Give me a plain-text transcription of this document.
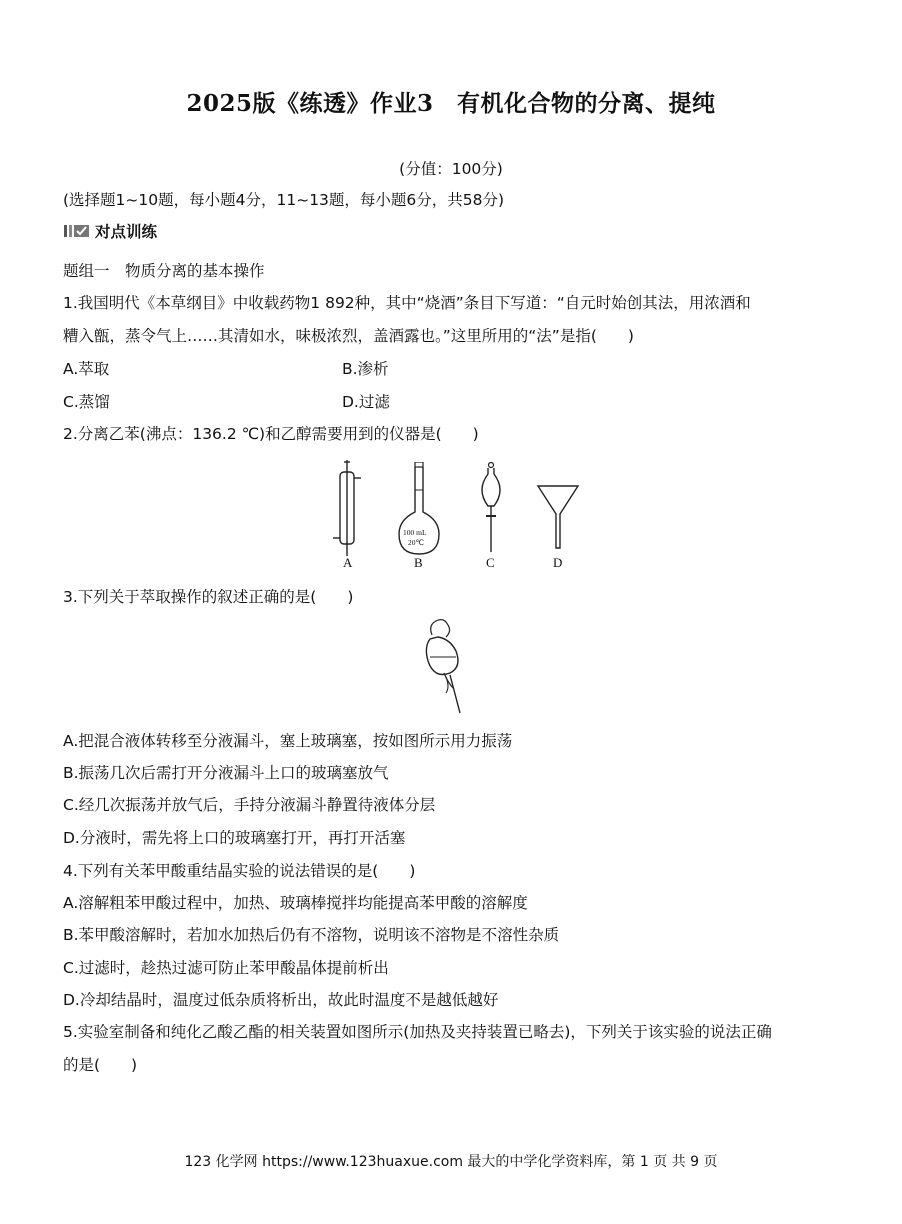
2025版《练透》作业3　有机化合物的分离、提纯
(分值：100分)
(选择题1~10题，每小题4分，11~13题，每小题6分，共58分)
对点训练
题组一　物质分离的基本操作
1.我国明代《本草纲目》中收载药物1 892种，其中“烧酒”条目下写道：“自元时始创其法，用浓酒和
糟入甑，蒸令气上……其清如水，味极浓烈，盖酒露也。”这里所用的“法”是指(　　)
A.萃取	B.渗析
C.蒸馏	D.过滤
2.分离乙苯(沸点：136.2 ℃)和乙醇需要用到的仪器是(　　)
100 mL
20℃
A	B	C	D
3.下列关于萃取操作的叙述正确的是(　　)
A.把混合液体转移至分液漏斗，塞上玻璃塞，按如图所示用力振荡
B.振荡几次后需打开分液漏斗上口的玻璃塞放气
C.经几次振荡并放气后，手持分液漏斗静置待液体分层
D.分液时，需先将上口的玻璃塞打开，再打开活塞
4.下列有关苯甲酸重结晶实验的说法错误的是(　　)
A.溶解粗苯甲酸过程中，加热、玻璃棒搅拌均能提高苯甲酸的溶解度
B.苯甲酸溶解时，若加水加热后仍有不溶物，说明该不溶物是不溶性杂质
C.过滤时，趁热过滤可防止苯甲酸晶体提前析出
D.冷却结晶时，温度过低杂质将析出，故此时温度不是越低越好
5.实验室制备和纯化乙酸乙酯的相关装置如图所示(加热及夹持装置已略去)，下列关于该实验的说法正确
的是(　　)
123 化学网 https://www.123huaxue.com 最大的中学化学资料库，第 1 页 共 9 页
